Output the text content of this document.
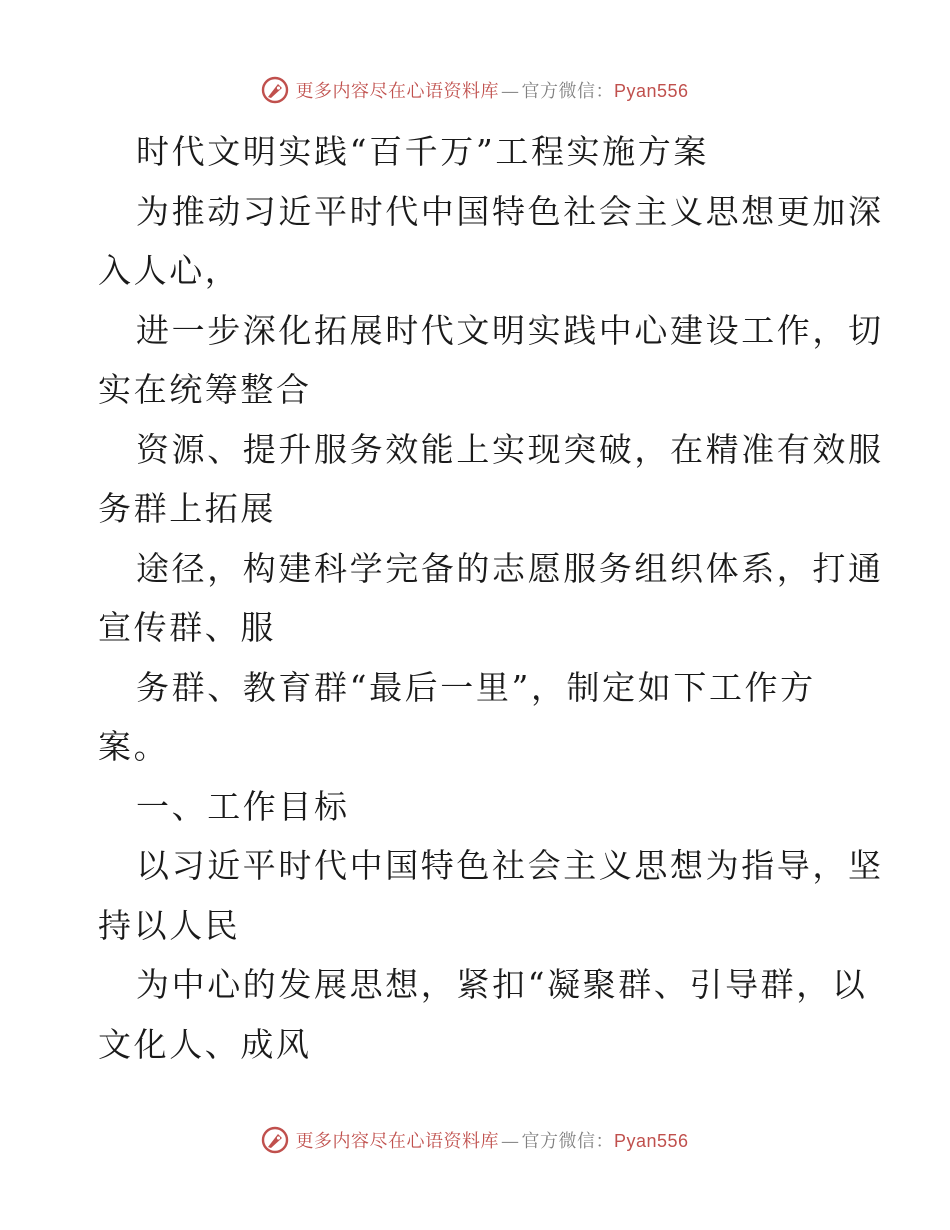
更多内容尽在心语资料库 — 官方微信：Pyan556
时代文明实践“百千万”工程实施方案
为推动习近平时代中国特色社会主义思想更加深
入人心，
进一步深化拓展时代文明实践中心建设工作，切
实在统筹整合
资源、提升服务效能上实现突破，在精准有效服
务群上拓展
途径，构建科学完备的志愿服务组织体系，打通
宣传群、服
务群、教育群“最后一里”，制定如下工作方
案。
一、工作目标
以习近平时代中国特色社会主义思想为指导，坚
持以人民
为中心的发展思想，紧扣“凝聚群、引导群，以
文化人、成风
更多内容尽在心语资料库 — 官方微信：Pyan556
